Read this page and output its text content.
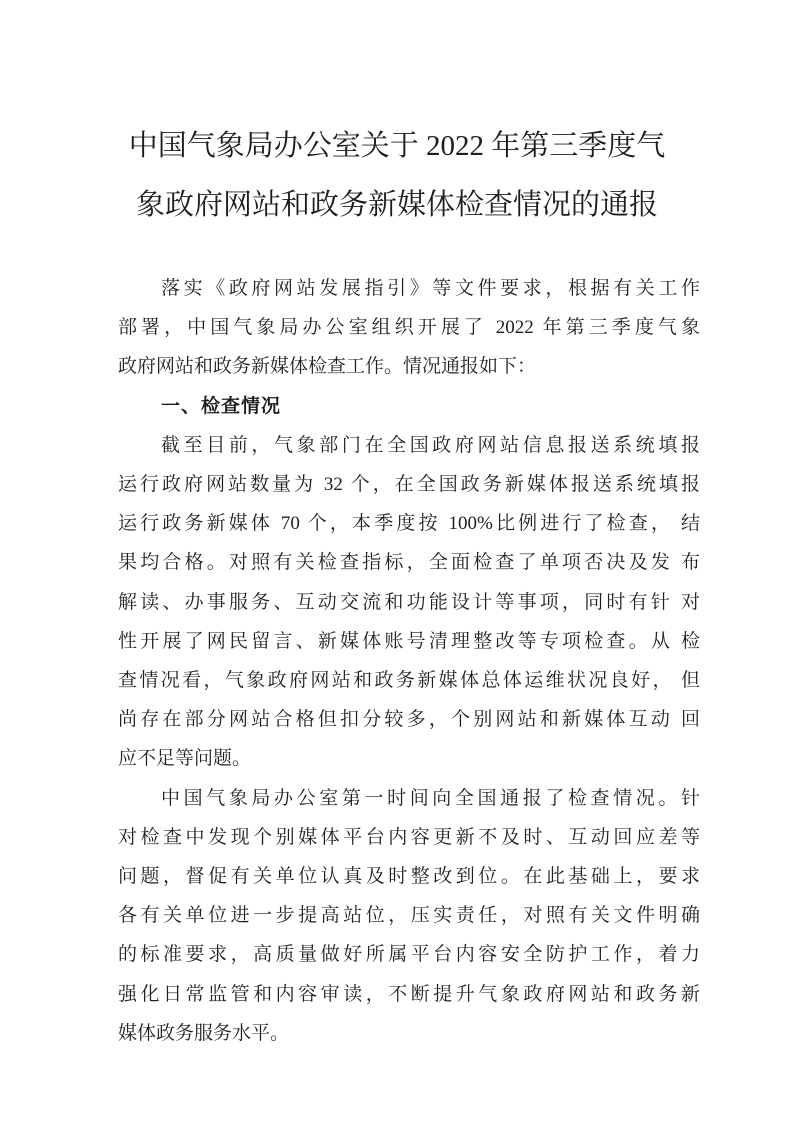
中国气象局办公室关于 2022 年第三季度气
象政府网站和政务新媒体检查情况的通报
落实《政府网站发展指引》等文件要求，根据有关工作
部署，中国气象局办公室组织开展了 2022 年第三季度气象
政府网站和政务新媒体检查工作。情况通报如下：
一、检查情况
截至目前，气象部门在全国政府网站信息报送系统填报
运行政府网站数量为 32 个，在全国政务新媒体报送系统填报
运行政务新媒体 70 个，本季度按 100%比例进行了检查， 结
果均合格。对照有关检查指标，全面检查了单项否决及发 布
解读、办事服务、互动交流和功能设计等事项，同时有针 对
性开展了网民留言、新媒体账号清理整改等专项检查。从 检
查情况看，气象政府网站和政务新媒体总体运维状况良好， 但
尚存在部分网站合格但扣分较多，个别网站和新媒体互动 回
应不足等问题。
中国气象局办公室第一时间向全国通报了检查情况。针
对检查中发现个别媒体平台内容更新不及时、互动回应差等
问题，督促有关单位认真及时整改到位。在此基础上，要求
各有关单位进一步提高站位，压实责任，对照有关文件明确
的标准要求，高质量做好所属平台内容安全防护工作，着力
强化日常监管和内容审读，不断提升气象政府网站和政务新
媒体政务服务水平。
